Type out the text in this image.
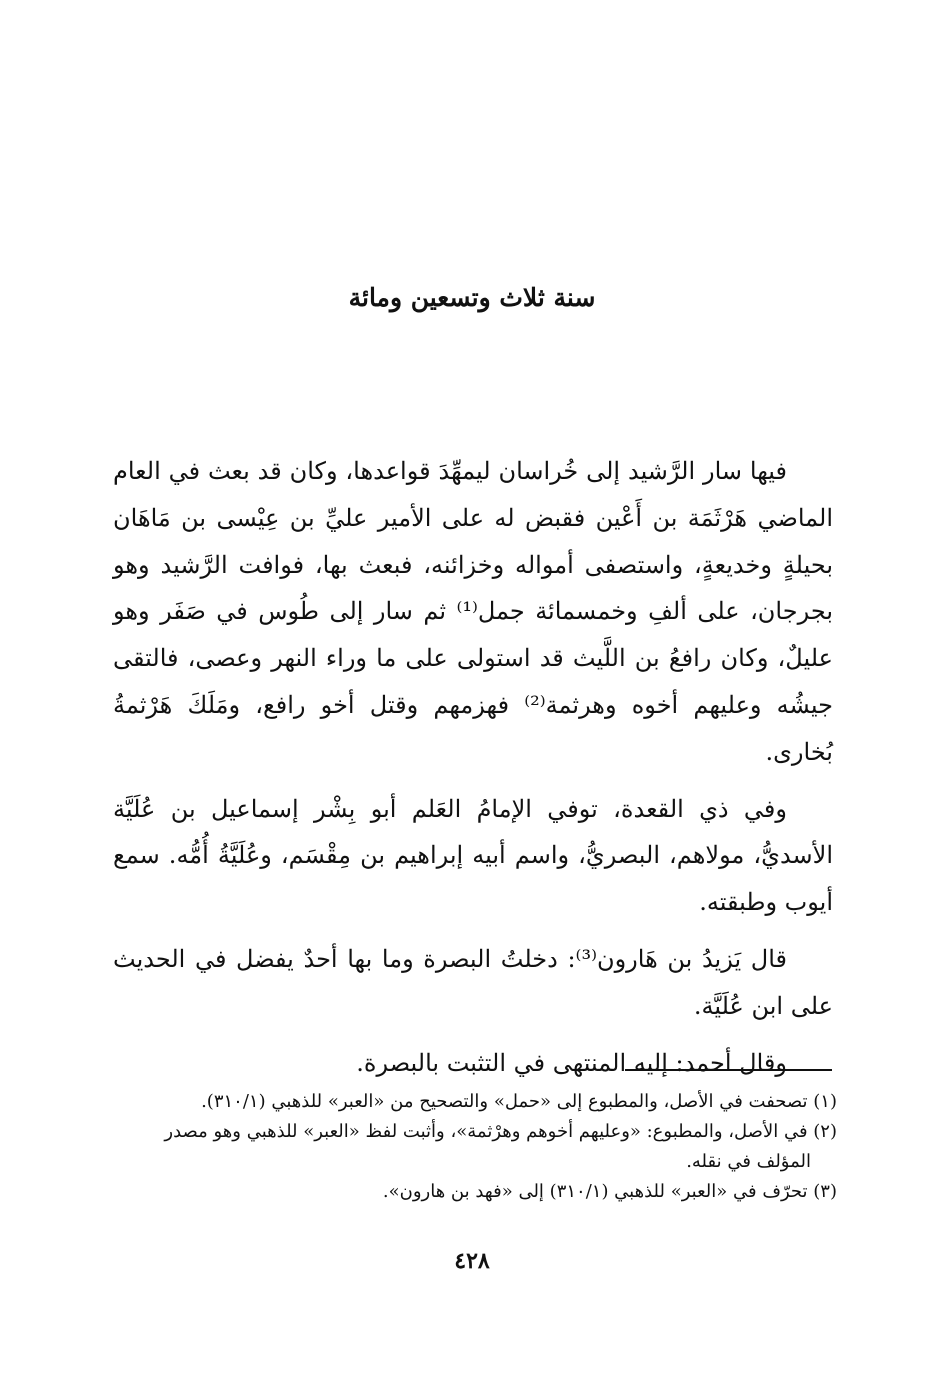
سنة ثلاث وتسعين ومائة

فيها سار الرَّشيد إلى خُراسان ليمهِّدَ قواعدها، وكان قد بعث في العام الماضي هَرْثَمَة بن أَعْين فقبض له على الأمير عليِّ بن عِيْسى بن مَاهَان بحيلةٍ وخديعةٍ، واستصفى أمواله وخزائنه، فبعث بها، فوافت الرَّشيد وهو بجرجان، على ألفِ وخمسمائة جمل⁽¹⁾ ثم سار إلى طُوس في صَفَر وهو عليلٌ، وكان رافعُ بن اللَّيث قد استولى على ما وراء النهر وعصى، فالتقى جيشُه وعليهم أخوه وهرثمة⁽²⁾ فهزمهم وقتل أخو رافع، ومَلَكَ هَرْثمةُ بُخارى.

وفي ذي القعدة، توفي الإمامُ العَلم أبو بِشْر إسماعيل بن عُلَيَّة الأسديُّ، مولاهم، البصريُّ، واسم أبيه إبراهيم بن مِقْسَم، وعُلَيَّةُ أُمُّه. سمع أيوب وطبقته.

قال يَزيدُ بن هَارون⁽³⁾: دخلتُ البصرة وما بها أحدٌ يفضل في الحديث على ابن عُلَيَّة.

وقال أحمد: إليه المنتهى في التثبت بالبصرة.

(١) تصحفت في الأصل، والمطبوع إلى «حمل» والتصحيح من «العبر» للذهبي (٣١٠/١).

(٢) في الأصل، والمطبوع: «وعليهم أخوهم وهرْثمة»، وأثبت لفظ «العبر» للذهبي وهو مصدر
المؤلف في نقله.

(٣) تحرّف في «العبر» للذهبي (٣١٠/١) إلى «فهد بن هارون».

٤٢٨
